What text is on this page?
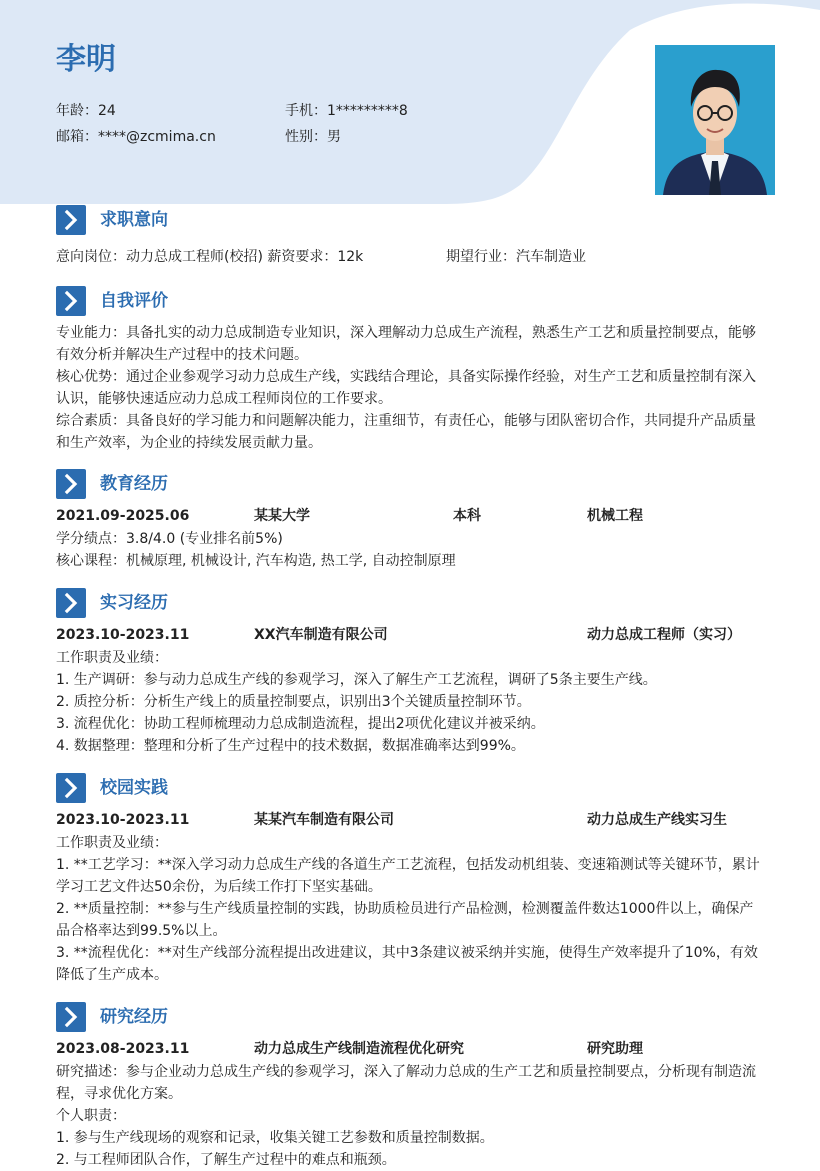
李明
年龄：24	手机：1*********8
邮箱：****@zcmima.cn	性别：男
求职意向
意向岗位：动力总成工程师(校招) 薪资要求：12k	期望行业：汽车制造业
自我评价
专业能力：具备扎实的动力总成制造专业知识，深入理解动力总成生产流程，熟悉生产工艺和质量控制要点，能够有效分析并解决生产过程中的技术问题。
核心优势：通过企业参观学习动力总成生产线，实践结合理论，具备实际操作经验，对生产工艺和质量控制有深入认识，能够快速适应动力总成工程师岗位的工作要求。
综合素质：具备良好的学习能力和问题解决能力，注重细节，有责任心，能够与团队密切合作，共同提升产品质量和生产效率，为企业的持续发展贡献力量。
教育经历
2021.09-2025.06	某某大学	本科	机械工程
学分绩点：3.8/4.0 (专业排名前5%)
核心课程：机械原理, 机械设计, 汽车构造, 热工学, 自动控制原理
实习经历
2023.10-2023.11	XX汽车制造有限公司	动力总成工程师（实习）
工作职责及业绩：
1. 生产调研：参与动力总成生产线的参观学习，深入了解生产工艺流程，调研了5条主要生产线。
2. 质控分析：分析生产线上的质量控制要点，识别出3个关键质量控制环节。
3. 流程优化：协助工程师梳理动力总成制造流程，提出2项优化建议并被采纳。
4. 数据整理：整理和分析了生产过程中的技术数据，数据准确率达到99%。
校园实践
2023.10-2023.11	某某汽车制造有限公司	动力总成生产线实习生
工作职责及业绩：
1. **工艺学习：**深入学习动力总成生产线的各道生产工艺流程，包括发动机组装、变速箱测试等关键环节，累计学习工艺文件达50余份，为后续工作打下坚实基础。
2. **质量控制：**参与生产线质量控制的实践，协助质检员进行产品检测，检测覆盖件数达1000件以上，确保产品合格率达到99.5%以上。
3. **流程优化：**对生产线部分流程提出改进建议，其中3条建议被采纳并实施，使得生产效率提升了10%，有效降低了生产成本。
研究经历
2023.08-2023.11	动力总成生产线制造流程优化研究	研究助理
研究描述：参与企业动力总成生产线的参观学习，深入了解动力总成的生产工艺和质量控制要点，分析现有制造流程，寻求优化方案。
个人职责：
1. 参与生产线现场的观察和记录，收集关键工艺参数和质量控制数据。
2. 与工程师团队合作，了解生产过程中的难点和瓶颈。
